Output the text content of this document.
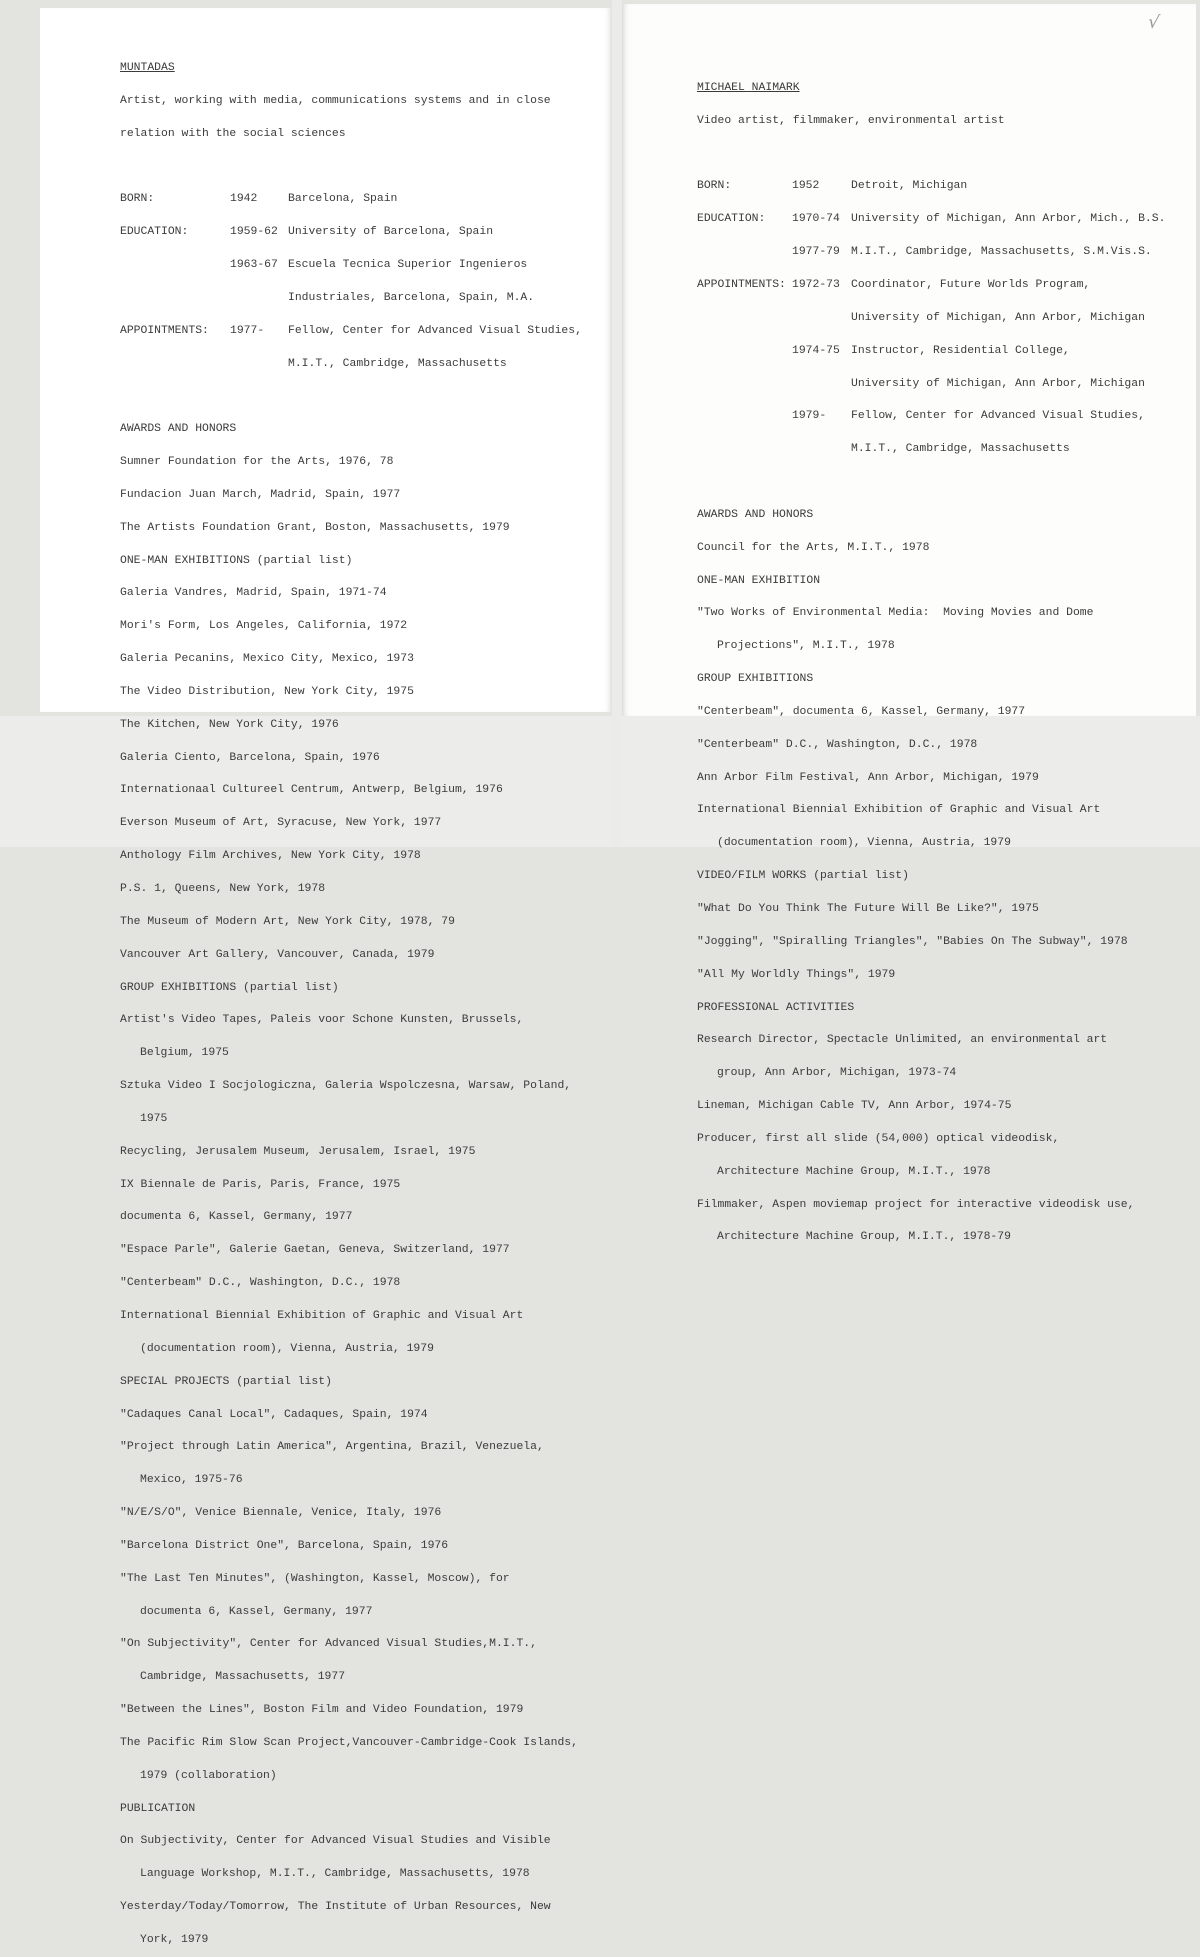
√

MUNTADAS

Artist, working with media, communications systems and in close

relation with the social sciences

BORN:	1942	Barcelona, Spain

EDUCATION:	1959-62 University of Barcelona, Spain

1963-67 Escuela Tecnica Superior Ingenieros

Industriales, Barcelona, Spain, M.A.

APPOINTMENTS: 1977- Fellow, Center for Advanced Visual Studies,

M.I.T., Cambridge, Massachusetts

AWARDS AND HONORS

Sumner Foundation for the Arts, 1976, 78

Fundacion Juan March, Madrid, Spain, 1977

The Artists Foundation Grant, Boston, Massachusetts, 1979

ONE-MAN EXHIBITIONS (partial list)

Galeria Vandres, Madrid, Spain, 1971-74

Mori's Form, Los Angeles, California, 1972

Galeria Pecanins, Mexico City, Mexico, 1973

The Video Distribution, New York City, 1975

The Kitchen, New York City, 1976

Galeria Ciento, Barcelona, Spain, 1976

Internationaal Cultureel Centrum, Antwerp, Belgium, 1976

Everson Museum of Art, Syracuse, New York, 1977

Anthology Film Archives, New York City, 1978

P.S. 1, Queens, New York, 1978

The Museum of Modern Art, New York City, 1978, 79

Vancouver Art Gallery, Vancouver, Canada, 1979

GROUP EXHIBITIONS (partial list)

Artist's Video Tapes, Paleis voor Schone Kunsten, Brussels,

Belgium, 1975

Sztuka Video I Socjologiczna, Galeria Wspolczesna, Warsaw, Poland,

1975

Recycling, Jerusalem Museum, Jerusalem, Israel, 1975

IX Biennale de Paris, Paris, France, 1975

documenta 6, Kassel, Germany, 1977

"Espace Parle", Galerie Gaetan, Geneva, Switzerland, 1977

"Centerbeam" D.C., Washington, D.C., 1978

International Biennial Exhibition of Graphic and Visual Art

(documentation room), Vienna, Austria, 1979

SPECIAL PROJECTS (partial list)

"Cadaques Canal Local", Cadaques, Spain, 1974

"Project through Latin America", Argentina, Brazil, Venezuela,

Mexico, 1975-76

"N/E/S/O", Venice Biennale, Venice, Italy, 1976

"Barcelona District One", Barcelona, Spain, 1976

"The Last Ten Minutes", (Washington, Kassel, Moscow), for

documenta 6, Kassel, Germany, 1977

"On Subjectivity", Center for Advanced Visual Studies,M.I.T.,

Cambridge, Massachusetts, 1977

"Between the Lines", Boston Film and Video Foundation, 1979

The Pacific Rim Slow Scan Project,Vancouver-Cambridge-Cook Islands,

1979 (collaboration)

PUBLICATION

On Subjectivity, Center for Advanced Visual Studies and Visible

Language Workshop, M.I.T., Cambridge, Massachusetts, 1978

Yesterday/Today/Tomorrow, The Institute of Urban Resources, New

York, 1979

MICHAEL NAIMARK

Video artist, filmmaker, environmental artist

BORN:	1952	Detroit, Michigan

EDUCATION: 1970-74 University of Michigan, Ann Arbor, Mich., B.S.

1977-79 M.I.T., Cambridge, Massachusetts, S.M.Vis.S.

APPOINTMENTS: 1972-73 Coordinator, Future Worlds Program,

University of Michigan, Ann Arbor, Michigan

1974-75 Instructor, Residential College,

University of Michigan, Ann Arbor, Michigan

1979- Fellow, Center for Advanced Visual Studies,

M.I.T., Cambridge, Massachusetts

AWARDS AND HONORS

Council for the Arts, M.I.T., 1978

ONE-MAN EXHIBITION

"Two Works of Environmental Media:  Moving Movies and Dome

Projections", M.I.T., 1978

GROUP EXHIBITIONS

"Centerbeam", documenta 6, Kassel, Germany, 1977

"Centerbeam" D.C., Washington, D.C., 1978

Ann Arbor Film Festival, Ann Arbor, Michigan, 1979

International Biennial Exhibition of Graphic and Visual Art

(documentation room), Vienna, Austria, 1979

VIDEO/FILM WORKS (partial list)

"What Do You Think The Future Will Be Like?", 1975

"Jogging", "Spiralling Triangles", "Babies On The Subway", 1978

"All My Worldly Things", 1979

PROFESSIONAL ACTIVITIES

Research Director, Spectacle Unlimited, an environmental art

group, Ann Arbor, Michigan, 1973-74

Lineman, Michigan Cable TV, Ann Arbor, 1974-75

Producer, first all slide (54,000) optical videodisk,

Architecture Machine Group, M.I.T., 1978

Filmmaker, Aspen moviemap project for interactive videodisk use,

Architecture Machine Group, M.I.T., 1978-79
